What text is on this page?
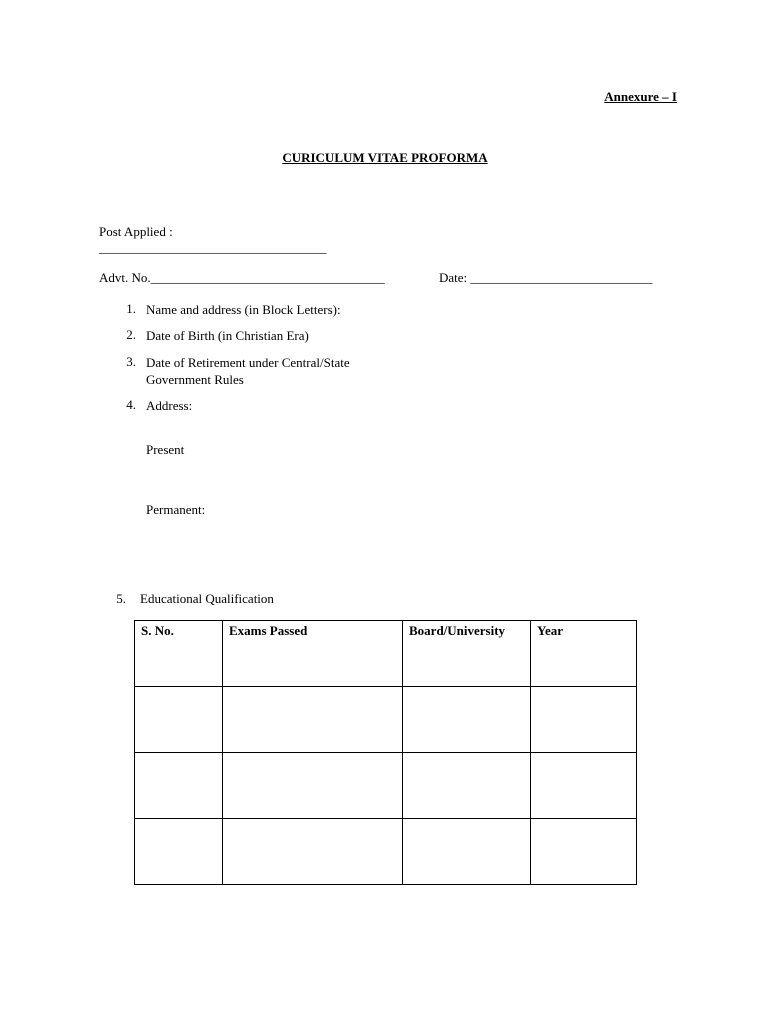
Annexure – I
CURICULUM VITAE PROFORMA
Post Applied :
___________________________________
Advt. No.____________________________________	Date: ____________________________
1. Name and address (in Block Letters):
2. Date of Birth (in Christian Era)
3. Date of Retirement under Central/State
Government Rules
4. Address:
Present
Permanent:
5. Educational Qualification
S. No.	Exams Passed	Board/University	Year
